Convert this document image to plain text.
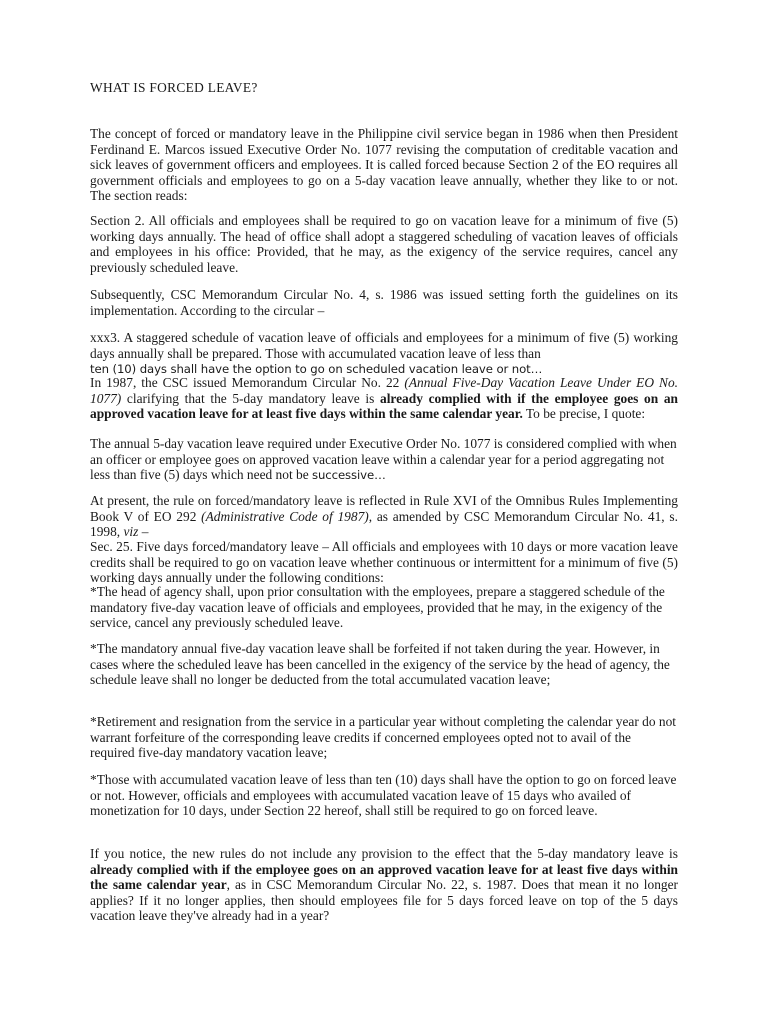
WHAT IS FORCED LEAVE?

The concept of forced or mandatory leave in the Philippine civil service began in 1986 when then President Ferdinand E. Marcos issued Executive Order No. 1077 revising the computation of creditable vacation and sick leaves of government officers and employees. It is called forced because Section 2 of the EO requires all government officials and employees to go on a 5-day vacation leave annually, whether they like to or not. The section reads:

Section 2. All officials and employees shall be required to go on vacation leave for a minimum of five (5) working days annually. The head of office shall adopt a staggered scheduling of vacation leaves of officials and employees in his office: Provided, that he may, as the exigency of the service requires, cancel any previously scheduled leave.

Subsequently, CSC Memorandum Circular No. 4, s. 1986 was issued setting forth the guidelines on its implementation. According to the circular –

xxx3. A staggered schedule of vacation leave of officials and employees for a minimum of five (5) working days annually shall be prepared. Those with accumulated vacation leave of less than
ten (10) days shall have the option to go on scheduled vacation leave or not…

In 1987, the CSC issued Memorandum Circular No. 22 (Annual Five-Day Vacation Leave Under EO No. 1077) clarifying that the 5-day mandatory leave is already complied with if the employee goes on an approved vacation leave for at least five days within the same calendar year. To be precise, I quote:

The annual 5-day vacation leave required under Executive Order No. 1077 is considered complied with when an officer or employee goes on approved vacation leave within a calendar year for a period aggregating not less than five (5) days which need not be successive…

At present, the rule on forced/mandatory leave is reflected in Rule XVI of the Omnibus Rules Implementing Book V of EO 292 (Administrative Code of 1987), as amended by CSC Memorandum Circular No. 41, s. 1998, viz –

Sec. 25. Five days forced/mandatory leave – All officials and employees with 10 days or more vacation leave credits shall be required to go on vacation leave whether continuous or intermittent for a minimum of five (5) working days annually under the following conditions:

*The head of agency shall, upon prior consultation with the employees, prepare a staggered schedule of the mandatory five-day vacation leave of officials and employees, provided that he may, in the exigency of the service, cancel any previously scheduled leave.

*The mandatory annual five-day vacation leave shall be forfeited if not taken during the year. However, in cases where the scheduled leave has been cancelled in the exigency of the service by the head of agency, the schedule leave shall no longer be deducted from the total accumulated vacation leave;

*Retirement and resignation from the service in a particular year without completing the calendar year do not warrant forfeiture of the corresponding leave credits if concerned employees opted not to avail of the required five-day mandatory vacation leave;

*Those with accumulated vacation leave of less than ten (10) days shall have the option to go on forced leave or not. However, officials and employees with accumulated vacation leave of 15 days who availed of monetization for 10 days, under Section 22 hereof, shall still be required to go on forced leave.

If you notice, the new rules do not include any provision to the effect that the 5-day mandatory leave is already complied with if the employee goes on an approved vacation leave for at least five days within the same calendar year, as in CSC Memorandum Circular No. 22, s. 1987. Does that mean it no longer applies? If it no longer applies, then should employees file for 5 days forced leave on top of the 5 days vacation leave they've already had in a year?
